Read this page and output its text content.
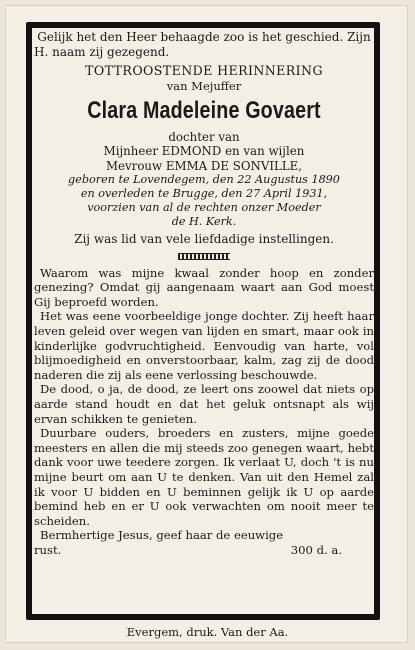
Gelijk het den Heer behaagde zoo is het geschied. Zijn H. naam zij gezegend.
TOTTROOSTENDE HERINNERING
van Mejuffer
Clara Madeleine Govaert
dochter van
Mijnheer EDMOND en van wijlen
Mevrouw EMMA DE SONVILLE,
geboren te Lovendegem, den 22 Augustus 1890
en overleden te Brugge, den 27 April 1931,
voorzien van al de rechten onzer Moeder
de H. Kerk.
Zij was lid van vele liefdadige instellingen.

Waarom was mijne kwaal zonder hoop en zonder genezing? Omdat gij aangenaam waart aan God moest Gij beproefd worden.

Het was eene voorbeeldige jonge dochter. Zij heeft haar leven geleid over wegen van lijden en smart, maar ook in kinderlijke godvruchtigheid. Eenvoudig van harte, vol blijmoedigheid en onverstoorbaar, kalm, zag zij de dood naderen die zij als eene verlossing beschouwde.

De dood, o ja, de dood, ze leert ons zoowel dat niets op aarde stand houdt en dat het geluk ontsnapt als wij ervan schikken te genieten.

Duurbare ouders, broeders en zusters, mijne goede meesters en allen die mij steeds zoo genegen waart, hebt dank voor uwe teedere zorgen. Ik verlaat U, doch 't is nu mijne beurt om aan U te denken. Van uit den Hemel zal ik voor U bidden en U beminnen gelijk ik U op aarde bemind heb en er U ook verwachten om nooit meer te scheiden.

Bermhertige Jesus, geef haar de eeuwige
rust.	300 d. a.
Evergem, druk. Van der Aa.
